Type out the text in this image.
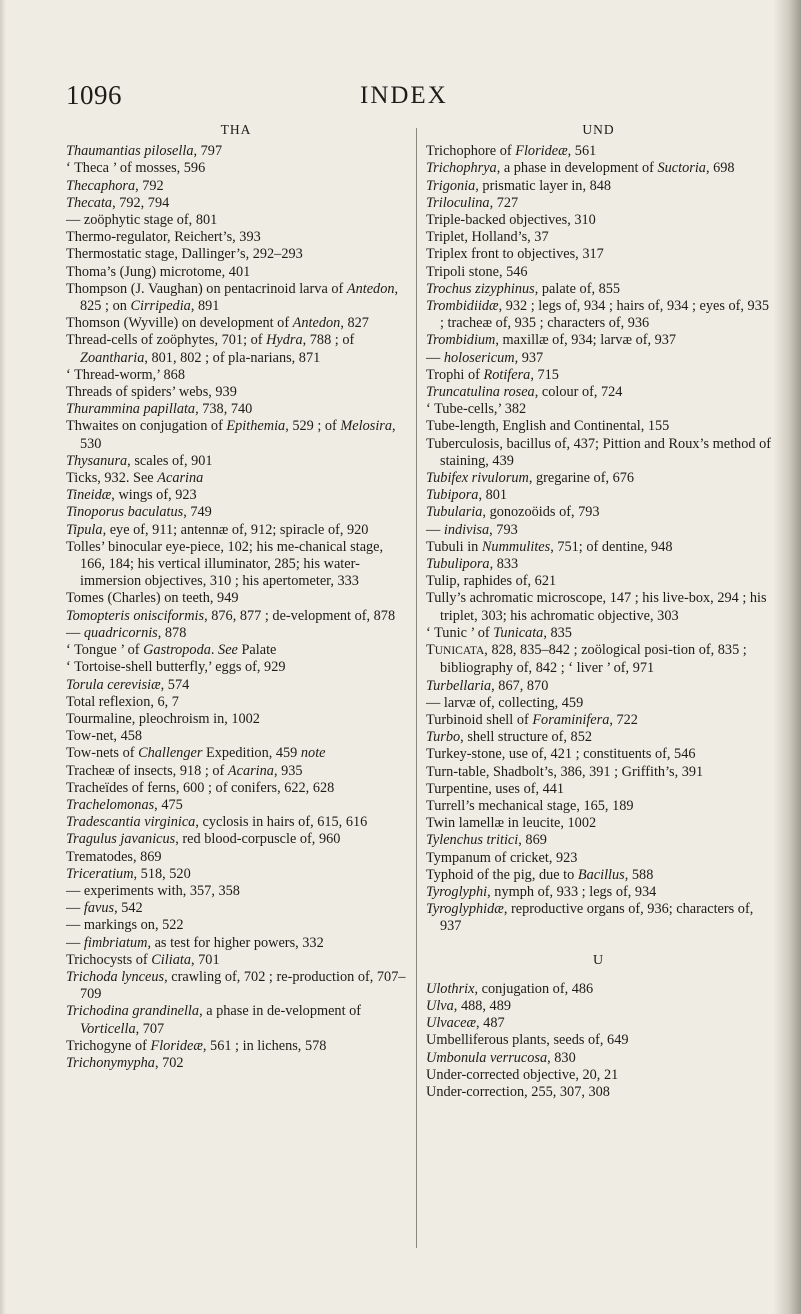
1096	INDEX
THA

Thaumantias pilosella, 797

‘ Theca ’ of mosses, 596

Thecaphora, 792

Thecata, 792, 794

— zoöphytic stage of, 801

Thermo-regulator, Reichert’s, 393

Thermostatic stage, Dallinger’s, 292–293

Thoma’s (Jung) microtome, 401

Thompson (J. Vaughan) on pentacrinoid larva of Antedon, 825 ; on Cirripedia, 891

Thomson (Wyville) on development of Antedon, 827

Thread-cells of zoöphytes, 701; of Hydra, 788 ; of Zoantharia, 801, 802 ; of pla-narians, 871

‘ Thread-worm,’ 868

Threads of spiders’ webs, 939

Thurammina papillata, 738, 740

Thwaites on conjugation of Epithemia, 529 ; of Melosira, 530

Thysanura, scales of, 901

Ticks, 932. See Acarina

Tineidæ, wings of, 923

Tinoporus baculatus, 749

Tipula, eye of, 911; antennæ of, 912; spiracle of, 920

Tolles’ binocular eye-piece, 102; his me-chanical stage, 166, 184; his vertical illuminator, 285; his water-immersion objectives, 310 ; his apertometer, 333

Tomes (Charles) on teeth, 949

Tomopteris onisciformis, 876, 877 ; de-velopment of, 878

— quadricornis, 878

‘ Tongue ’ of Gastropoda. See Palate

‘ Tortoise-shell butterfly,’ eggs of, 929

Torula cerevisiæ, 574

Total reflexion, 6, 7

Tourmaline, pleochroism in, 1002

Tow-net, 458

Tow-nets of Challenger Expedition, 459 note

Tracheæ of insects, 918 ; of Acarina, 935

Tracheïdes of ferns, 600 ; of conifers, 622, 628

Trachelomonas, 475

Tradescantia virginica, cyclosis in hairs of, 615, 616

Tragulus javanicus, red blood-corpuscle of, 960

Trematodes, 869

Triceratium, 518, 520

— experiments with, 357, 358

— favus, 542

— markings on, 522

— fimbriatum, as test for higher powers, 332

Trichocysts of Ciliata, 701

Trichoda lynceus, crawling of, 702 ; re-production of, 707–709

Trichodina grandinella, a phase in de-velopment of Vorticella, 707

Trichogyne of Florideæ, 561 ; in lichens, 578

Trichonymypha, 702

UND

Trichophore of Florideæ, 561

Trichophrya, a phase in development of Suctoria, 698

Trigonia, prismatic layer in, 848

Triloculina, 727

Triple-backed objectives, 310

Triplet, Holland’s, 37

Triplex front to objectives, 317

Tripoli stone, 546

Trochus zizyphinus, palate of, 855

Trombidiidæ, 932 ; legs of, 934 ; hairs of, 934 ; eyes of, 935 ; tracheæ of, 935 ; characters of, 936

Trombidium, maxillæ of, 934; larvæ of, 937

— holosericum, 937

Trophi of Rotifera, 715

Truncatulina rosea, colour of, 724

‘ Tube-cells,’ 382

Tube-length, English and Continental, 155

Tuberculosis, bacillus of, 437; Pittion and Roux’s method of staining, 439

Tubifex rivulorum, gregarine of, 676

Tubipora, 801

Tubularia, gonozoöids of, 793

— indivisa, 793

Tubuli in Nummulites, 751; of dentine, 948

Tubulipora, 833

Tulip, raphides of, 621

Tully’s achromatic microscope, 147 ; his live-box, 294 ; his triplet, 303; his achromatic objective, 303

‘ Tunic ’ of Tunicata, 835

TUNICATA, 828, 835–842 ; zoölogical posi-tion of, 835 ; bibliography of, 842 ; ‘ liver ’ of, 971

Turbellaria, 867, 870

— larvæ of, collecting, 459

Turbinoid shell of Foraminifera, 722

Turbo, shell structure of, 852

Turkey-stone, use of, 421 ; constituents of, 546

Turn-table, Shadbolt’s, 386, 391 ; Griffith’s, 391

Turpentine, uses of, 441

Turrell’s mechanical stage, 165, 189

Twin lamellæ in leucite, 1002

Tylenchus tritici, 869

Tympanum of cricket, 923

Typhoid of the pig, due to Bacillus, 588

Tyroglyphi, nymph of, 933 ; legs of, 934

Tyroglyphidæ, reproductive organs of, 936; characters of, 937

U

Ulothrix, conjugation of, 486

Ulva, 488, 489

Ulvaceæ, 487

Umbelliferous plants, seeds of, 649

Umbonula verrucosa, 830

Under-corrected objective, 20, 21

Under-correction, 255, 307, 308
